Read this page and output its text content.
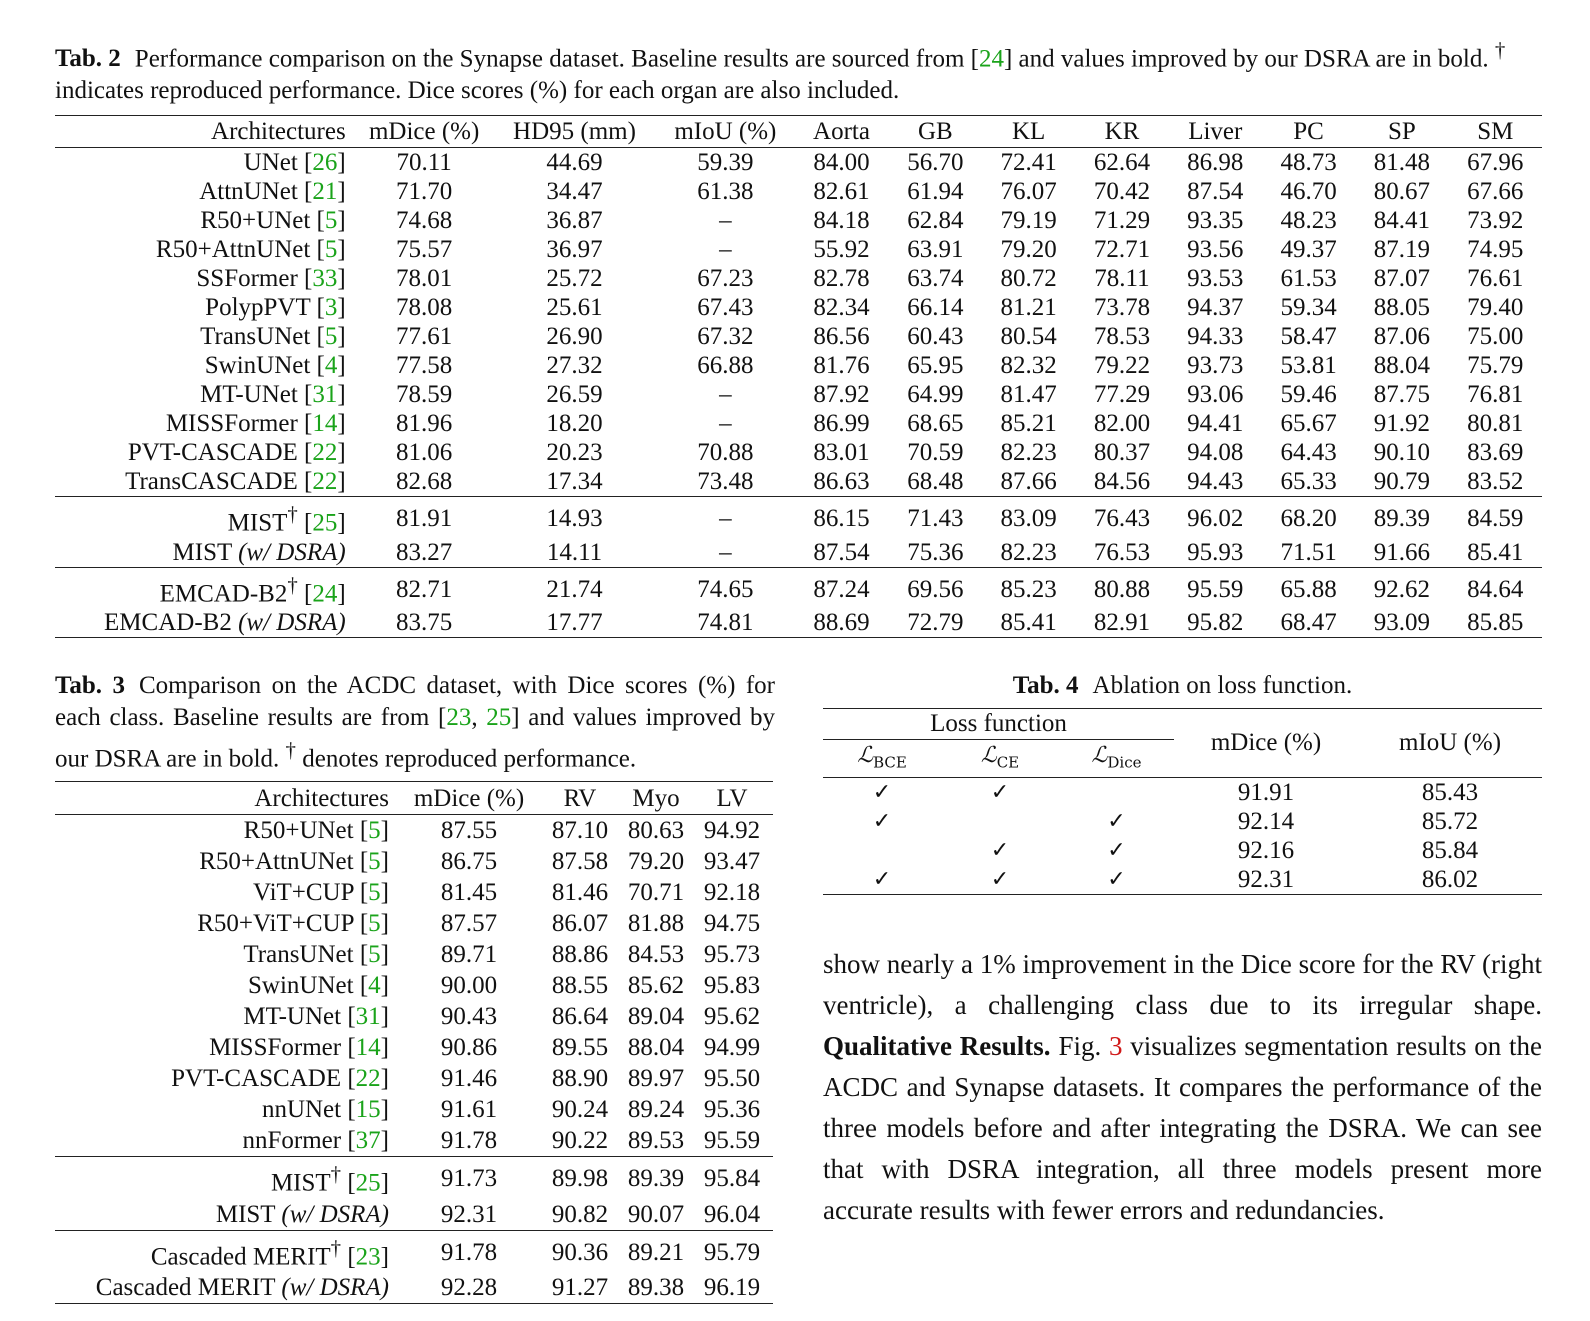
Tab. 2 Performance comparison on the Synapse dataset. Baseline results are sourced from [24] and values improved by our DSRA are in bold. † indicates reproduced performance. Dice scores (%) for each organ are also included.
Architectures	mDice (%)	HD95 (mm)	mIoU (%)	Aorta	GB	KL	KR	Liver	PC	SP	SM
UNet [26]	70.11	44.69	59.39	84.00	56.70	72.41	62.64	86.98	48.73	81.48	67.96
AttnUNet [21]	71.70	34.47	61.38	82.61	61.94	76.07	70.42	87.54	46.70	80.67	67.66
R50+UNet [5]	74.68	36.87	–	84.18	62.84	79.19	71.29	93.35	48.23	84.41	73.92
R50+AttnUNet [5]	75.57	36.97	–	55.92	63.91	79.20	72.71	93.56	49.37	87.19	74.95
SSFormer [33]	78.01	25.72	67.23	82.78	63.74	80.72	78.11	93.53	61.53	87.07	76.61
PolypPVT [3]	78.08	25.61	67.43	82.34	66.14	81.21	73.78	94.37	59.34	88.05	79.40
TransUNet [5]	77.61	26.90	67.32	86.56	60.43	80.54	78.53	94.33	58.47	87.06	75.00
SwinUNet [4]	77.58	27.32	66.88	81.76	65.95	82.32	79.22	93.73	53.81	88.04	75.79
MT-UNet [31]	78.59	26.59	–	87.92	64.99	81.47	77.29	93.06	59.46	87.75	76.81
MISSFormer [14]	81.96	18.20	–	86.99	68.65	85.21	82.00	94.41	65.67	91.92	80.81
PVT-CASCADE [22]	81.06	20.23	70.88	83.01	70.59	82.23	80.37	94.08	64.43	90.10	83.69
TransCASCADE [22]	82.68	17.34	73.48	86.63	68.48	87.66	84.56	94.43	65.33	90.79	83.52
MIST† [25]	81.91	14.93	–	86.15	71.43	83.09	76.43	96.02	68.20	89.39	84.59
MIST (w/ DSRA)	83.27	14.11	–	87.54	75.36	82.23	76.53	95.93	71.51	91.66	85.41
EMCAD-B2† [24]	82.71	21.74	74.65	87.24	69.56	85.23	80.88	95.59	65.88	92.62	84.64
EMCAD-B2 (w/ DSRA)	83.75	17.77	74.81	88.69	72.79	85.41	82.91	95.82	68.47	93.09	85.85
Tab. 3 Comparison on the ACDC dataset, with Dice scores (%) for each class. Baseline results are from [23, 25] and values improved by our DSRA are in bold. † denotes reproduced performance.
Architectures	mDice (%)	RV	Myo	LV
R50+UNet [5]	87.55	87.10	80.63	94.92
R50+AttnUNet [5]	86.75	87.58	79.20	93.47
ViT+CUP [5]	81.45	81.46	70.71	92.18
R50+ViT+CUP [5]	87.57	86.07	81.88	94.75
TransUNet [5]	89.71	88.86	84.53	95.73
SwinUNet [4]	90.00	88.55	85.62	95.83
MT-UNet [31]	90.43	86.64	89.04	95.62
MISSFormer [14]	90.86	89.55	88.04	94.99
PVT-CASCADE [22]	91.46	88.90	89.97	95.50
nnUNet [15]	91.61	90.24	89.24	95.36
nnFormer [37]	91.78	90.22	89.53	95.59
MIST† [25]	91.73	89.98	89.39	95.84
MIST (w/ DSRA)	92.31	90.82	90.07	96.04
Cascaded MERIT† [23]	91.78	90.36	89.21	95.79
Cascaded MERIT (w/ DSRA)	92.28	91.27	89.38	96.19
Tab. 4 Ablation on loss function.
Loss function			mDice (%)	mIoU (%)
ℒ$_{BCE}$	ℒ$_{CE}$	ℒ$_{Dice}$
✓	✓		91.91	85.43
✓		✓	92.14	85.72
	✓	✓	92.16	85.84
✓	✓	✓	92.31	86.02
show nearly a 1% improvement in the Dice score for the RV (right ventricle), a challenging class due to its irregular shape. Qualitative Results. Fig. 3 visualizes segmentation results on the ACDC and Synapse datasets. It compares the performance of the three models before and after integrating the DSRA. We can see that with DSRA integration, all three models present more accurate results with fewer errors and redundancies.
